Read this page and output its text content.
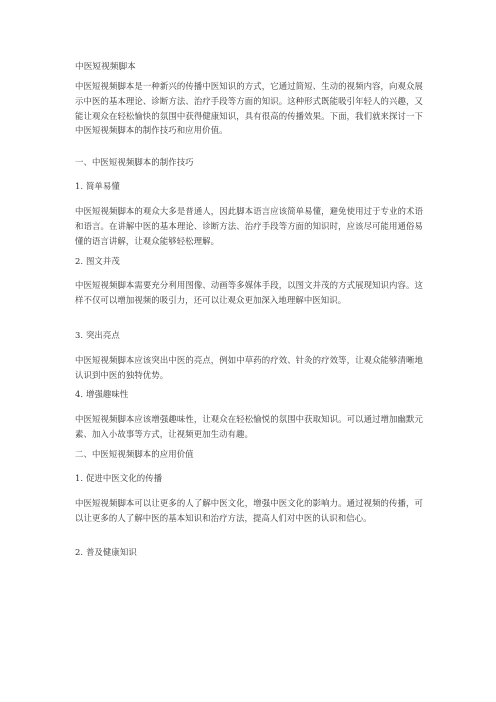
中医短视频脚本
中医短视频脚本是一种新兴的传播中医知识的方式，它通过简短、生动的视频内容，向观众展示中医的基本理论、诊断方法、治疗手段等方面的知识。这种形式既能吸引年轻人的兴趣，又能让观众在轻松愉快的氛围中获得健康知识，具有很高的传播效果。下面，我们就来探讨一下中医短视频脚本的制作技巧和应用价值。
一、中医短视频脚本的制作技巧
1. 简单易懂
中医短视频脚本的观众大多是普通人，因此脚本语言应该简单易懂，避免使用过于专业的术语和语言。在讲解中医的基本理论、诊断方法、治疗手段等方面的知识时，应该尽可能用通俗易懂的语言讲解，让观众能够轻松理解。
2. 图文并茂
中医短视频脚本需要充分利用图像、动画等多媒体手段，以图文并茂的方式展现知识内容。这样不仅可以增加视频的吸引力，还可以让观众更加深入地理解中医知识。
3. 突出亮点
中医短视频脚本应该突出中医的亮点，例如中草药的疗效、针灸的疗效等，让观众能够清晰地认识到中医的独特优势。
4. 增强趣味性
中医短视频脚本应该增强趣味性，让观众在轻松愉悦的氛围中获取知识。可以通过增加幽默元素、加入小故事等方式，让视频更加生动有趣。
二、中医短视频脚本的应用价值
1. 促进中医文化的传播
中医短视频脚本可以让更多的人了解中医文化，增强中医文化的影响力。通过视频的传播，可以让更多的人了解中医的基本知识和治疗方法，提高人们对中医的认识和信心。
2. 普及健康知识
